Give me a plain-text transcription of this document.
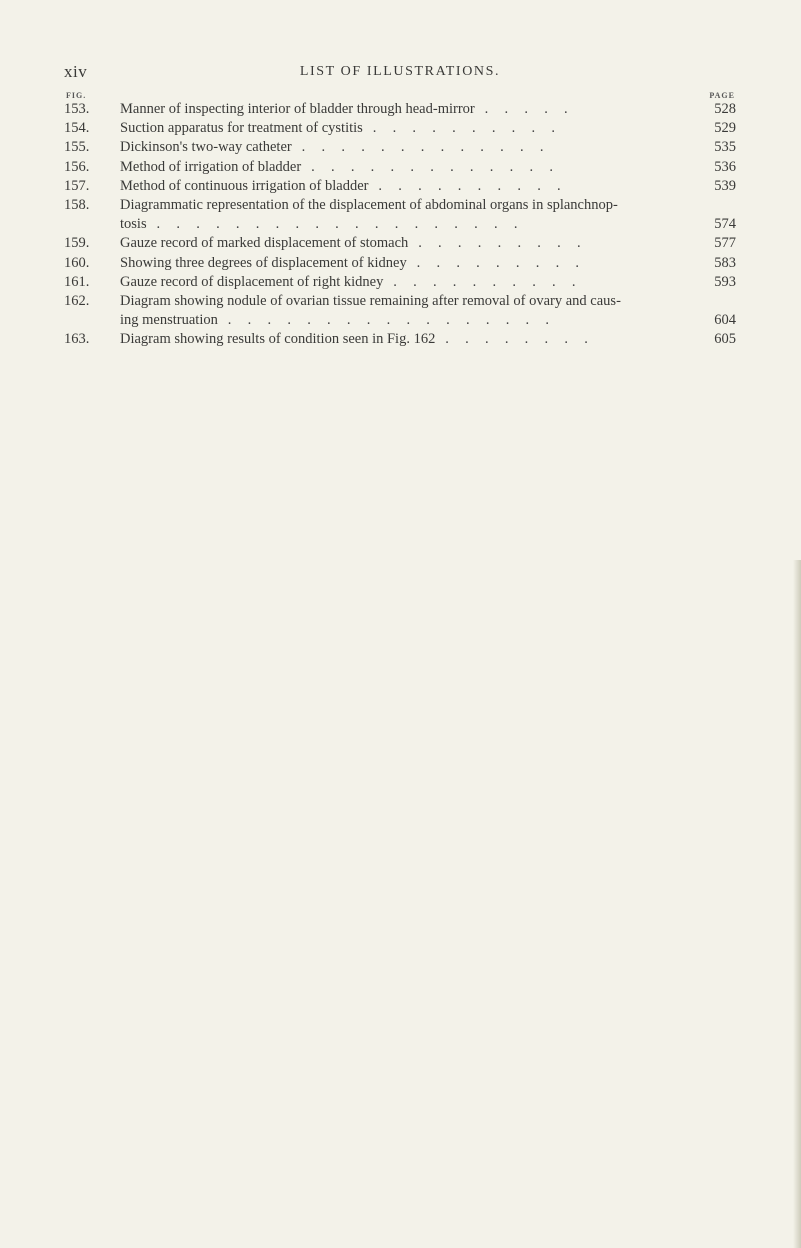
xiv	LIST OF ILLUSTRATIONS.
FIG.	PAGE
153. Manner of inspecting interior of bladder through head-mirror . . . . .	528
154. Suction apparatus for treatment of cystitis . . . . . . . . . .	529
155. Dickinson's two-way catheter . . . . . . . . . . . . .	535
156. Method of irrigation of bladder . . . . . . . . . . . . .	536
157. Method of continuous irrigation of bladder . . . . . . . . . .	539
158. Diagrammatic representation of the displacement of abdominal organs in splanchnop-
tosis . . . . . . . . . . . . . . . . . . .	574
159. Gauze record of marked displacement of stomach . . . . . . . . .	577
160. Showing three degrees of displacement of kidney . . . . . . . . .	583
161. Gauze record of displacement of right kidney . . . . . . . . . .	593
162. Diagram showing nodule of ovarian tissue remaining after removal of ovary and caus-
ing menstruation . . . . . . . . . . . . . . . . .	604
163. Diagram showing results of condition seen in Fig. 162 . . . . . . . .	605
